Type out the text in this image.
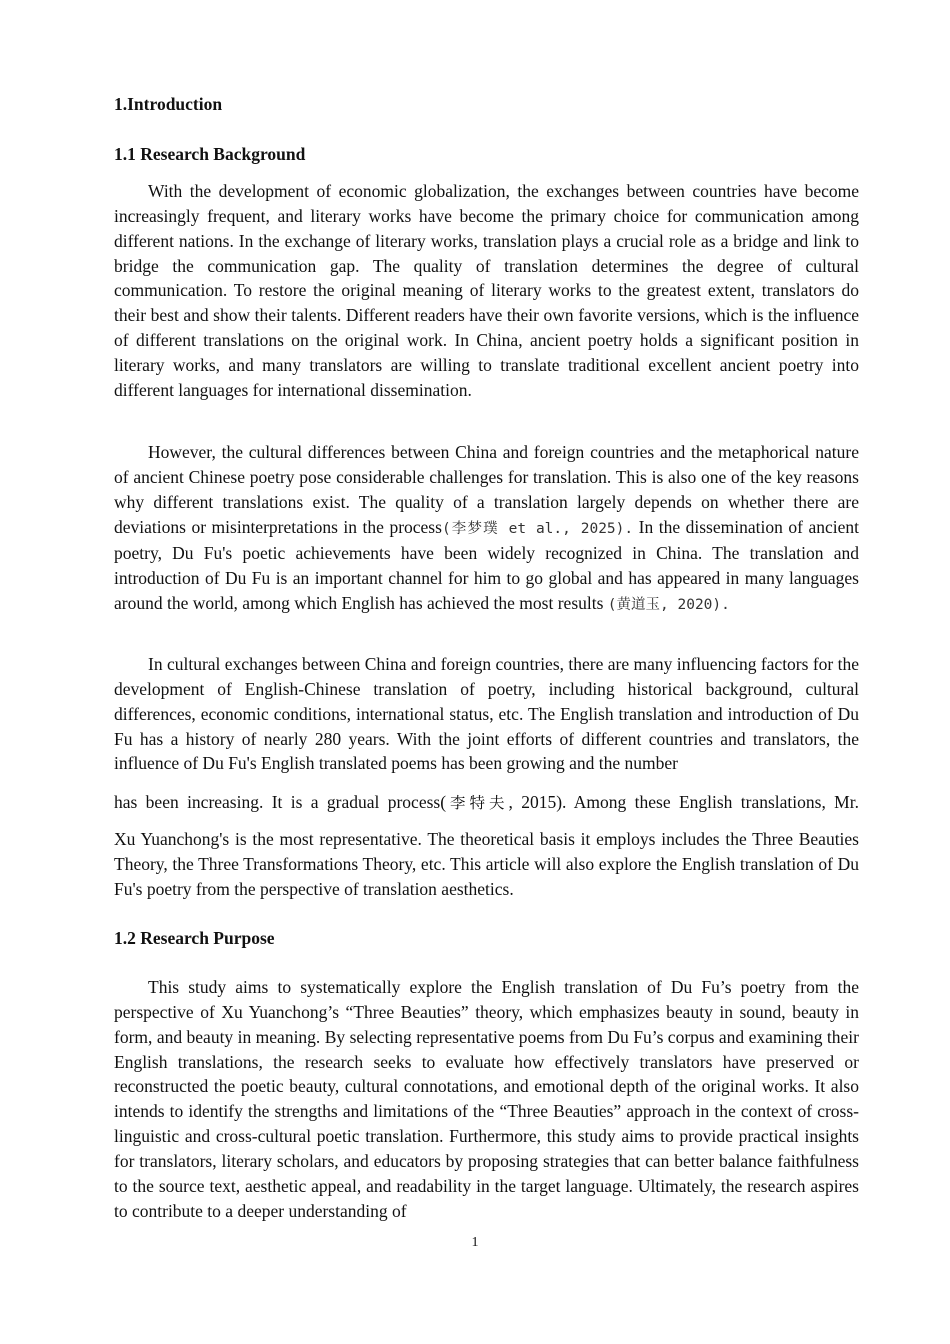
1.Introduction
1.1 Research Background

With the development of economic globalization, the exchanges between countries have become increasingly frequent, and literary works have become the primary choice for communication among different nations. In the exchange of literary works, translation plays a crucial role as a bridge and link to bridge the communication gap. The quality of translation determines the degree of cultural communication. To restore the original meaning of literary works to the greatest extent, translators do their best and show their talents. Different readers have their own favorite versions, which is the influence of different translations on the original work. In China, ancient poetry holds a significant position in literary works, and many translators are willing to translate traditional excellent ancient poetry into different languages for international dissemination.

However, the cultural differences between China and foreign countries and the metaphorical nature of ancient Chinese poetry pose considerable challenges for translation. This is also one of the key reasons why different translations exist. The quality of a translation largely depends on whether there are deviations or misinterpretations in the process(李梦璞 et al., 2025). In the dissemination of ancient poetry, Du Fu's poetic achievements have been widely recognized in China. The translation and introduction of Du Fu is an important channel for him to go global and has appeared in many languages around the world, among which English has achieved the most results (黄道玉, 2020).

In cultural exchanges between China and foreign countries, there are many influencing factors for the development of English-Chinese translation of poetry, including historical background, cultural differences, economic conditions, international status, etc. The English translation and introduction of Du Fu has a history of nearly 280 years. With the joint efforts of different countries and translators, the influence of Du Fu's English translated poems has been growing and the number

has been increasing. It is a gradual process(李特夫, 2015). Among these English translations, Mr.
Xu Yuanchong's is the most representative. The theoretical basis it employs includes the Three Beauties Theory, the Three Transformations Theory, etc. This article will also explore the English translation of Du Fu's poetry from the perspective of translation aesthetics.
1.2 Research Purpose

This study aims to systematically explore the English translation of Du Fu’s poetry from the perspective of Xu Yuanchong’s “Three Beauties” theory, which emphasizes beauty in sound, beauty in form, and beauty in meaning. By selecting representative poems from Du Fu’s corpus and examining their English translations, the research seeks to evaluate how effectively translators have preserved or reconstructed the poetic beauty, cultural connotations, and emotional depth of the original works. It also intends to identify the strengths and limitations of the “Three Beauties” approach in the context of cross-linguistic and cross-cultural poetic translation. Furthermore, this study aims to provide practical insights for translators, literary scholars, and educators by proposing strategies that can better balance faithfulness to the source text, aesthetic appeal, and readability in the target language. Ultimately, the research aspires to contribute to a deeper understanding of

1
